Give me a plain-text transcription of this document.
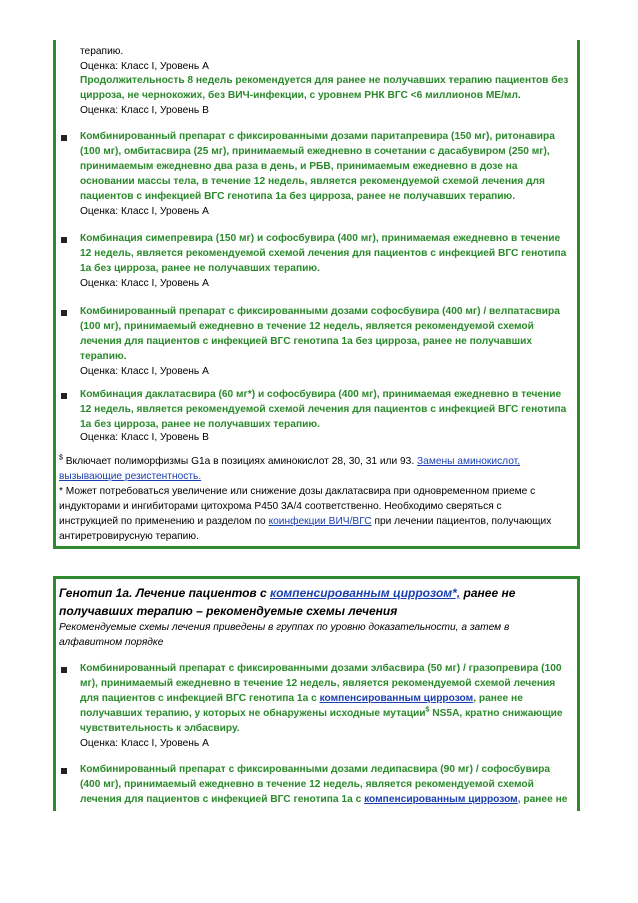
терапию.
Оценка: Класс I, Уровень A
Продолжительность 8 недель рекомендуется для ранее не получавших терапию пациентов без
цирроза, не чернокожих, без ВИЧ-инфекции, с уровнем РНК ВГС <6 миллионов МЕ/мл.
Оценка: Класс I, Уровень B
Комбинированный препарат с фиксированными дозами паритапревира (150 мг), ритонавира
(100 мг), омбитасвира (25 мг), принимаемый ежедневно в сочетании с дасабувиром (250 мг),
принимаемым ежедневно два раза в день, и РБВ, принимаемым ежедневно в дозе на
основании массы тела, в течение 12 недель, является рекомендуемой схемой лечения для
пациентов с инфекцией ВГС генотипа 1a без цирроза, ранее не получавших терапию.
Оценка: Класс I, Уровень A
Комбинация симепревира (150 мг) и софосбувира (400 мг), принимаемая ежедневно в течение
12 недель, является рекомендуемой схемой лечения для пациентов с инфекцией ВГС генотипа
1a без цирроза, ранее не получавших терапию.
Оценка: Класс I, Уровень A
Комбинированный препарат с фиксированными дозами софосбувира (400 мг) / велпатасвира
(100 мг), принимаемый ежедневно в течение 12 недель, является рекомендуемой схемой
лечения для пациентов с инфекцией ВГС генотипа 1a без цирроза, ранее не получавших
терапию.
Оценка: Класс I, Уровень A
Комбинация даклатасвира (60 мг*) и софосбувира (400 мг), принимаемая ежедневно в течение
12 недель, является рекомендуемой схемой лечения для пациентов с инфекцией ВГС генотипа
1a без цирроза, ранее не получавших терапию.
Оценка: Класс I, Уровень B
$ Включает полиморфизмы G1a в позициях аминокислот 28, 30, 31 или 93. Замены аминокислот,
вызывающие резистентность.
* Может потребоваться увеличение или снижение дозы даклатасвира при одновременном приеме с
индукторами и ингибиторами цитохрома P450 3A/4 соответственно. Необходимо сверяться с
инструкцией по применению и разделом по коинфекции ВИЧ/ВГС при лечении пациентов, получающих
антиретровирусную терапию.
Генотип 1a. Лечение пациентов с компенсированным циррозом*, ранее не
получавших терапию – рекомендуемые схемы лечения
Рекомендуемые схемы лечения приведены в группах по уровню доказательности, а затем в
алфавитном порядке
Комбинированный препарат с фиксированными дозами элбасвира (50 мг) / гразопревира (100
мг), принимаемый ежедневно в течение 12 недель, является рекомендуемой схемой лечения
для пациентов с инфекцией ВГС генотипа 1a с компенсированным циррозом, ранее не
получавших терапию, у которых не обнаружены исходные мутации$ NS5A, кратно снижающие
чувствительность к элбасвиру.
Оценка: Класс I, Уровень A
Комбинированный препарат с фиксированными дозами ледипасвира (90 мг) / софосбувира
(400 мг), принимаемый ежедневно в течение 12 недель, является рекомендуемой схемой
лечения для пациентов с инфекцией ВГС генотипа 1a с компенсированным циррозом, ранее не
